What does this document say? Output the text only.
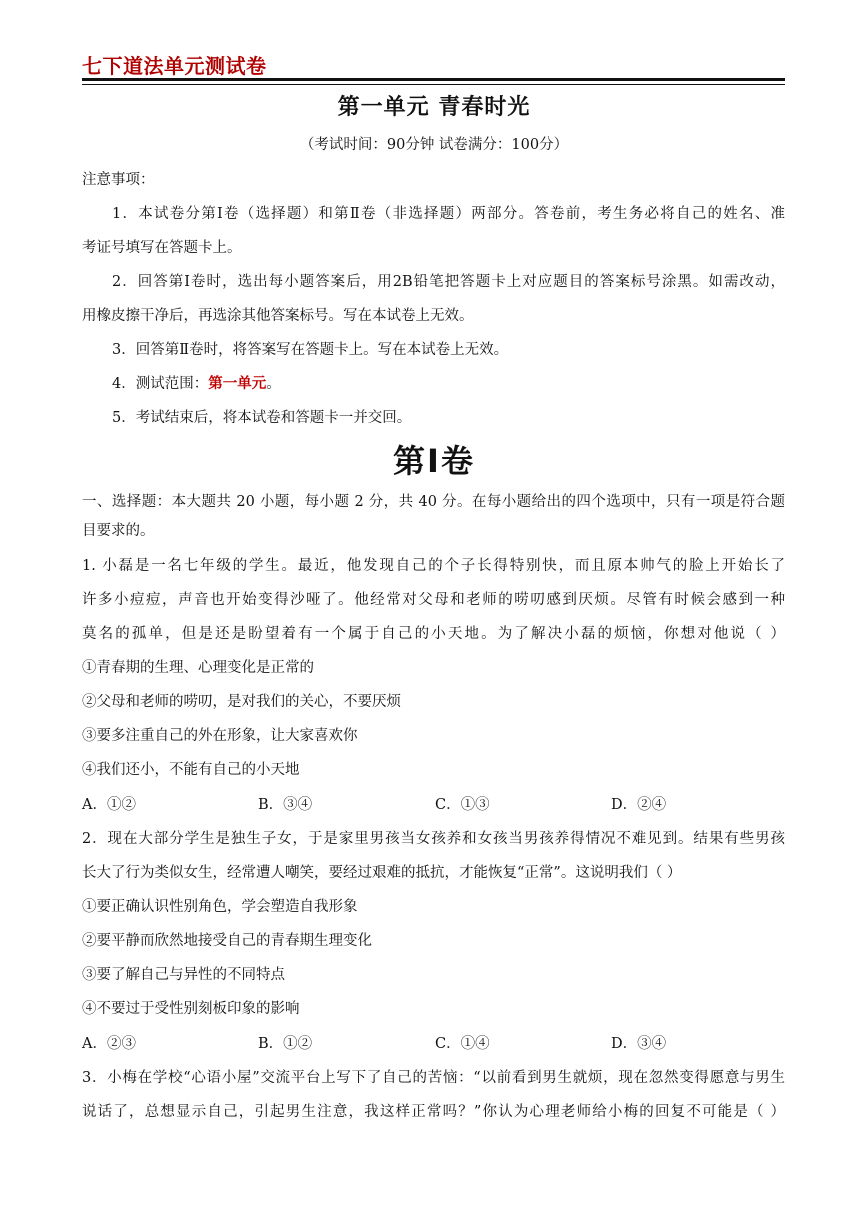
七下道法单元测试卷
第一单元 青春时光
（考试时间：90分钟 试卷满分：100分）
注意事项：
1．本试卷分第Ⅰ卷（选择题）和第Ⅱ卷（非选择题）两部分。答卷前，考生务必将自己的姓名、准
考证号填写在答题卡上。
2．回答第Ⅰ卷时，选出每小题答案后，用2B铅笔把答题卡上对应题目的答案标号涂黑。如需改动，
用橡皮擦干净后，再选涂其他答案标号。写在本试卷上无效。
3．回答第Ⅱ卷时，将答案写在答题卡上。写在本试卷上无效。
4．测试范围：第一单元。
5．考试结束后，将本试卷和答题卡一并交回。
第Ⅰ卷
一、选择题：本大题共 20 小题，每小题 2 分，共 40 分。在每小题给出的四个选项中，只有一项是符合题
目要求的。
1. 小磊是一名七年级的学生。最近，他发现自己的个子长得特别快，而且原本帅气的脸上开始长了
许多小痘痘，声音也开始变得沙哑了。他经常对父母和老师的唠叨感到厌烦。尽管有时候会感到一种
莫名的孤单，但是还是盼望着有一个属于自己的小天地。为了解决小磊的烦恼，你想对他说（ ）
①青春期的生理、心理变化是正常的
②父母和老师的唠叨，是对我们的关心，不要厌烦
③要多注重自己的外在形象，让大家喜欢你
④我们还小，不能有自己的小天地
A．①②	B．③④	C．①③	D．②④
2．现在大部分学生是独生子女，于是家里男孩当女孩养和女孩当男孩养得情况不难见到。结果有些男孩
长大了行为类似女生，经常遭人嘲笑，要经过艰难的抵抗，才能恢复“正常”。这说明我们（ ）
①要正确认识性别角色，学会塑造自我形象
②要平静而欣然地接受自己的青春期生理变化
③要了解自己与异性的不同特点
④不要过于受性别刻板印象的影响
A．②③	B．①②	C．①④	D．③④
3．小梅在学校“心语小屋”交流平台上写下了自己的苦恼：“以前看到男生就烦，现在忽然变得愿意与男生
说话了，总想显示自己，引起男生注意，我这样正常吗？”你认为心理老师给小梅的回复不可能是（ ）
